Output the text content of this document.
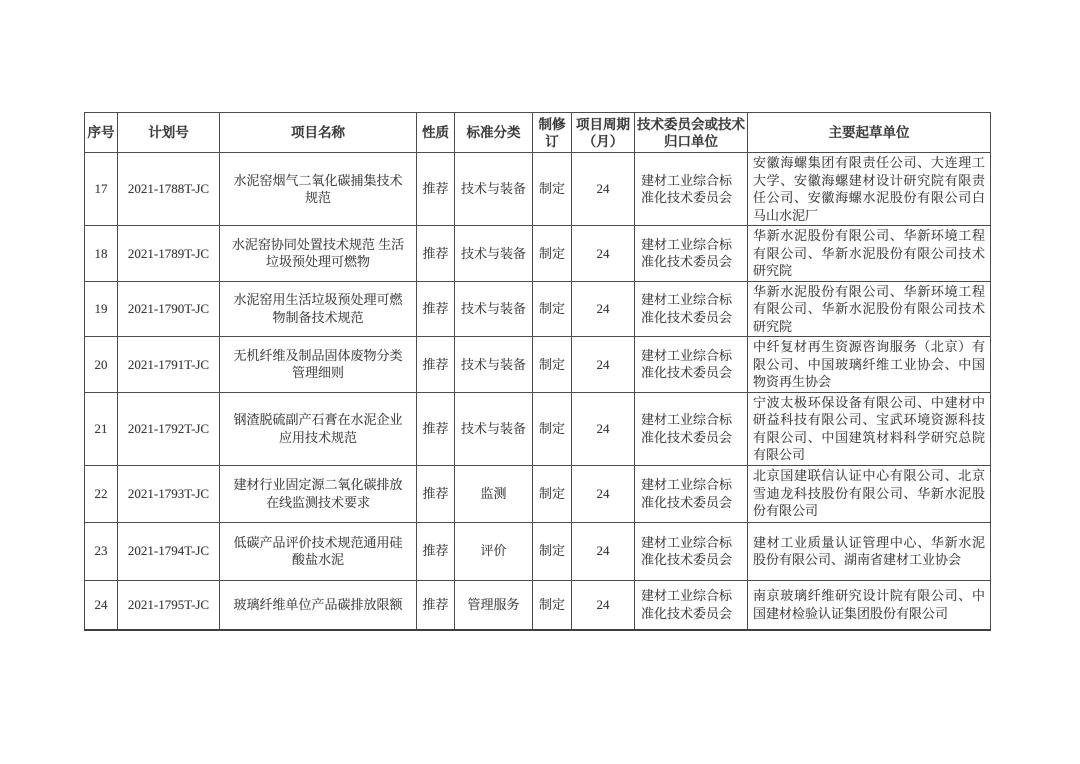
序号	计划号	项目名称	性质	标准分类	制修订	项目周期（月）	技术委员会或技术归口单位	主要起草单位
17	2021-1788T-JC	水泥窑烟气二氧化碳捕集技术规范	推荐	技术与装备	制定	24	建材工业综合标准化技术委员会	安徽海螺集团有限责任公司、大连理工大学、安徽海螺建材设计研究院有限责任公司、安徽海螺水泥股份有限公司白马山水泥厂
18	2021-1789T-JC	水泥窑协同处置技术规范 生活垃圾预处理可燃物	推荐	技术与装备	制定	24	建材工业综合标准化技术委员会	华新水泥股份有限公司、华新环境工程有限公司、华新水泥股份有限公司技术研究院
19	2021-1790T-JC	水泥窑用生活垃圾预处理可燃物制备技术规范	推荐	技术与装备	制定	24	建材工业综合标准化技术委员会	华新水泥股份有限公司、华新环境工程有限公司、华新水泥股份有限公司技术研究院
20	2021-1791T-JC	无机纤维及制品固体废物分类管理细则	推荐	技术与装备	制定	24	建材工业综合标准化技术委员会	中纤复材再生资源咨询服务（北京）有限公司、中国玻璃纤维工业协会、中国物资再生协会
21	2021-1792T-JC	钢渣脱硫副产石膏在水泥企业应用技术规范	推荐	技术与装备	制定	24	建材工业综合标准化技术委员会	宁波太极环保设备有限公司、中建材中研益科技有限公司、宝武环境资源科技有限公司、中国建筑材料科学研究总院有限公司
22	2021-1793T-JC	建材行业固定源二氧化碳排放在线监测技术要求	推荐	监测	制定	24	建材工业综合标准化技术委员会	北京国建联信认证中心有限公司、北京雪迪龙科技股份有限公司、华新水泥股份有限公司
23	2021-1794T-JC	低碳产品评价技术规范通用硅酸盐水泥	推荐	评价	制定	24	建材工业综合标准化技术委员会	建材工业质量认证管理中心、华新水泥股份有限公司、湖南省建材工业协会
24	2021-1795T-JC	玻璃纤维单位产品碳排放限额	推荐	管理服务	制定	24	建材工业综合标准化技术委员会	南京玻璃纤维研究设计院有限公司、中国建材检验认证集团股份有限公司
